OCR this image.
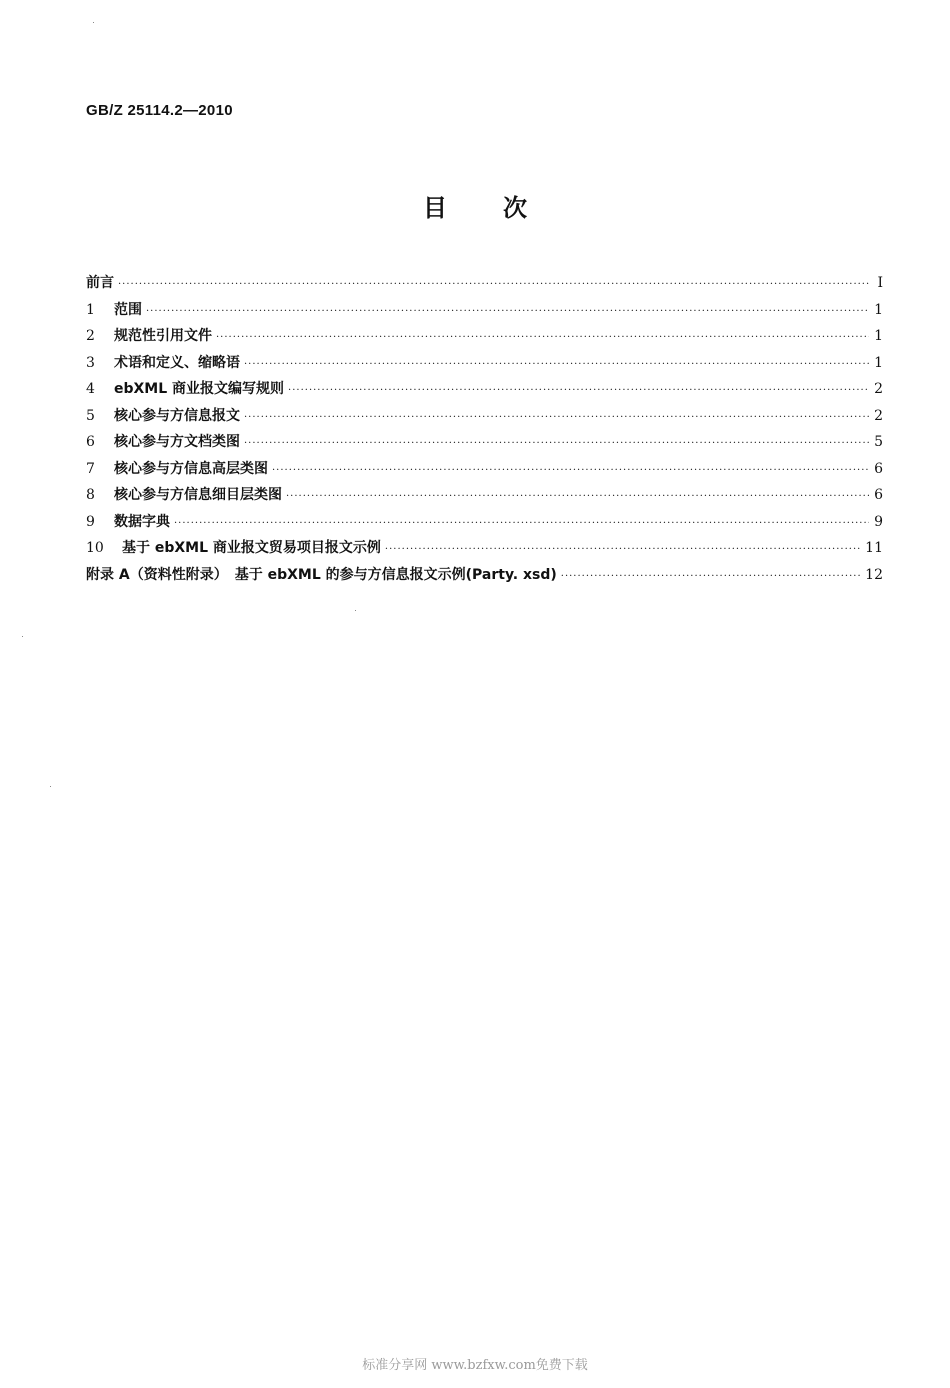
GB/Z 25114.2—2010
目 次
前言 ·····	I
1	范围 ·····	1
2	规范性引用文件 ·····	1
3	术语和定义、缩略语 ·····	1
4	ebXML 商业报文编写规则 ·····	2
5	核心参与方信息报文 ·····	2
6	核心参与方文档类图 ·····	5
7	核心参与方信息高层类图 ·····	6
8	核心参与方信息细目层类图 ·····	6
9	数据字典 ·····	9
10	基于 ebXML 商业报文贸易项目报文示例 ·····	11
附录 A（资料性附录）　基于 ebXML 的参与方信息报文示例(Party. xsd) ·····	12
标准分享网 www.bzfxw.com免费下载
